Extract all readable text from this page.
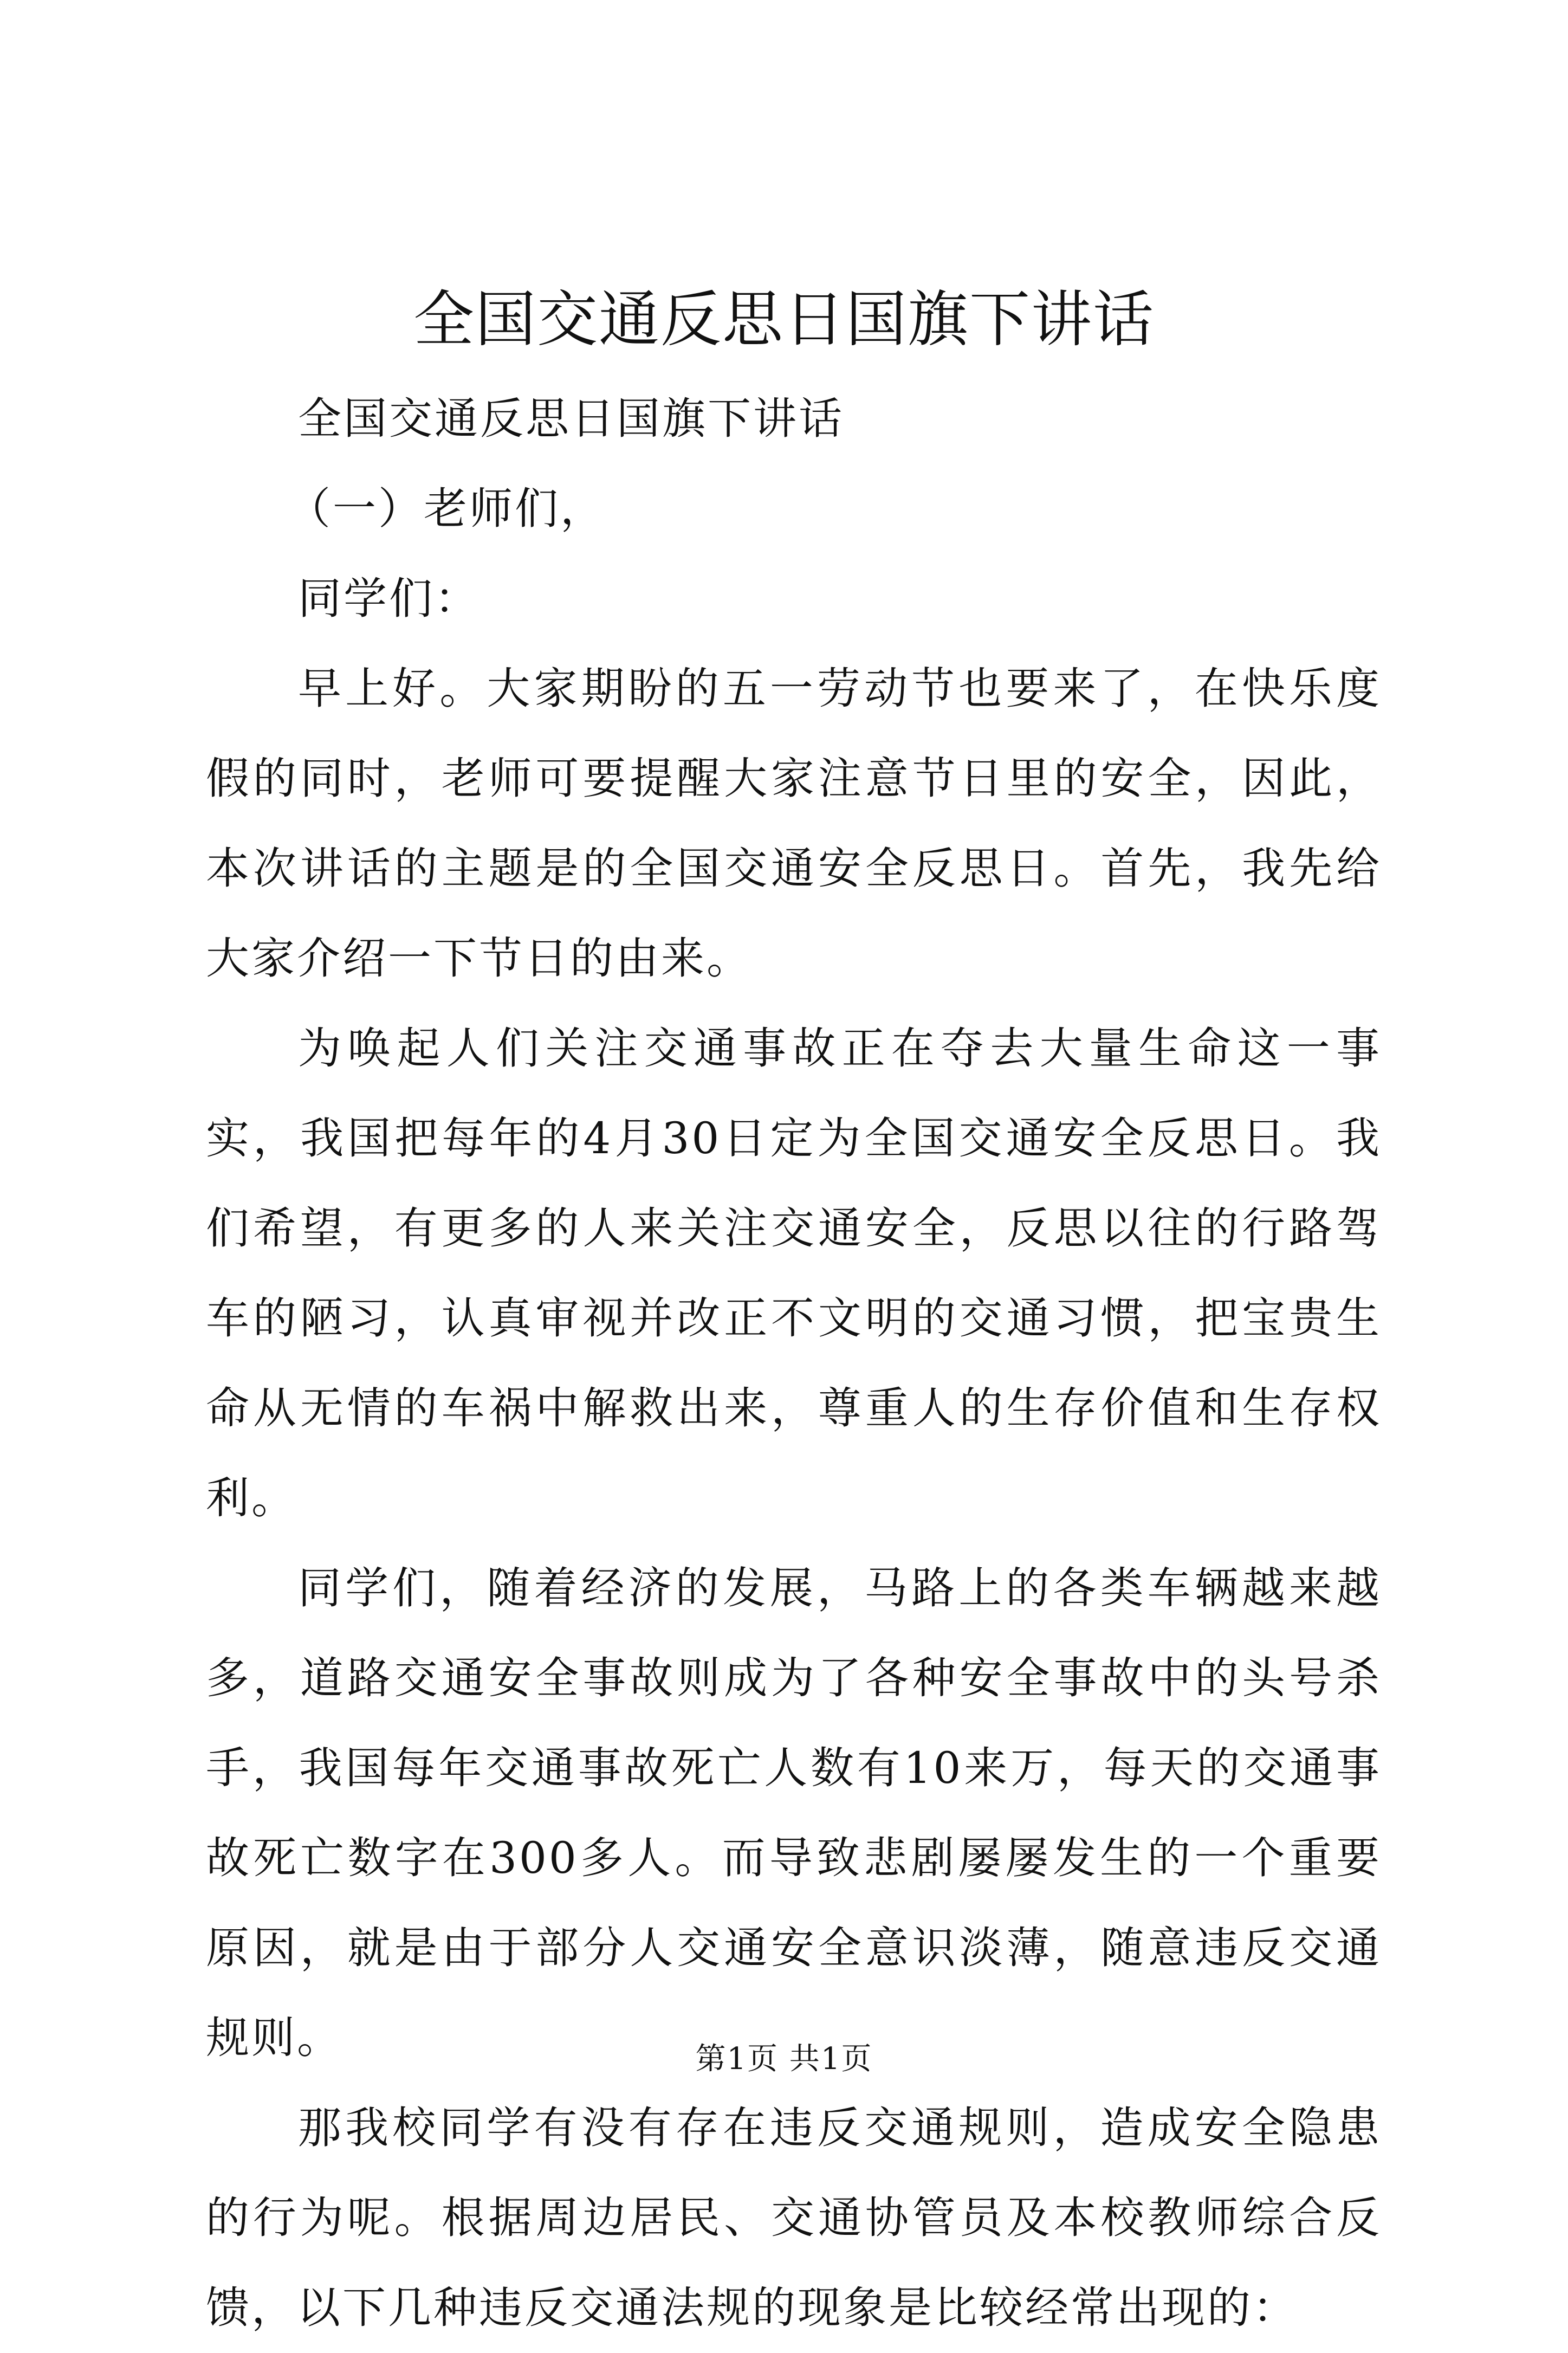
全国交通反思日国旗下讲话

全国交通反思日国旗下讲话

（一）老师们，

同学们：

早上好。大家期盼的五一劳动节也要来了，在快乐度假的同时，老师可要提醒大家注意节日里的安全，因此，本次讲话的主题是的全国交通安全反思日。首先，我先给大家介绍一下节日的由来。

为唤起人们关注交通事故正在夺去大量生命这一事实，我国把每年的4月30日定为全国交通安全反思日。我们希望，有更多的人来关注交通安全，反思以往的行路驾车的陋习，认真审视并改正不文明的交通习惯，把宝贵生命从无情的车祸中解救出来，尊重人的生存价值和生存权利。

同学们，随着经济的发展，马路上的各类车辆越来越多，道路交通安全事故则成为了各种安全事故中的头号杀手，我国每年交通事故死亡人数有10来万，每天的交通事故死亡数字在300多人。而导致悲剧屡屡发生的一个重要原因，就是由于部分人交通安全意识淡薄，随意违反交通规则。

那我校同学有没有存在违反交通规则，造成安全隐患的行为呢。根据周边居民、交通协管员及本校教师综合反馈，以下几种违反交通法规的现象是比较经常出现的：

第1页 共1页
